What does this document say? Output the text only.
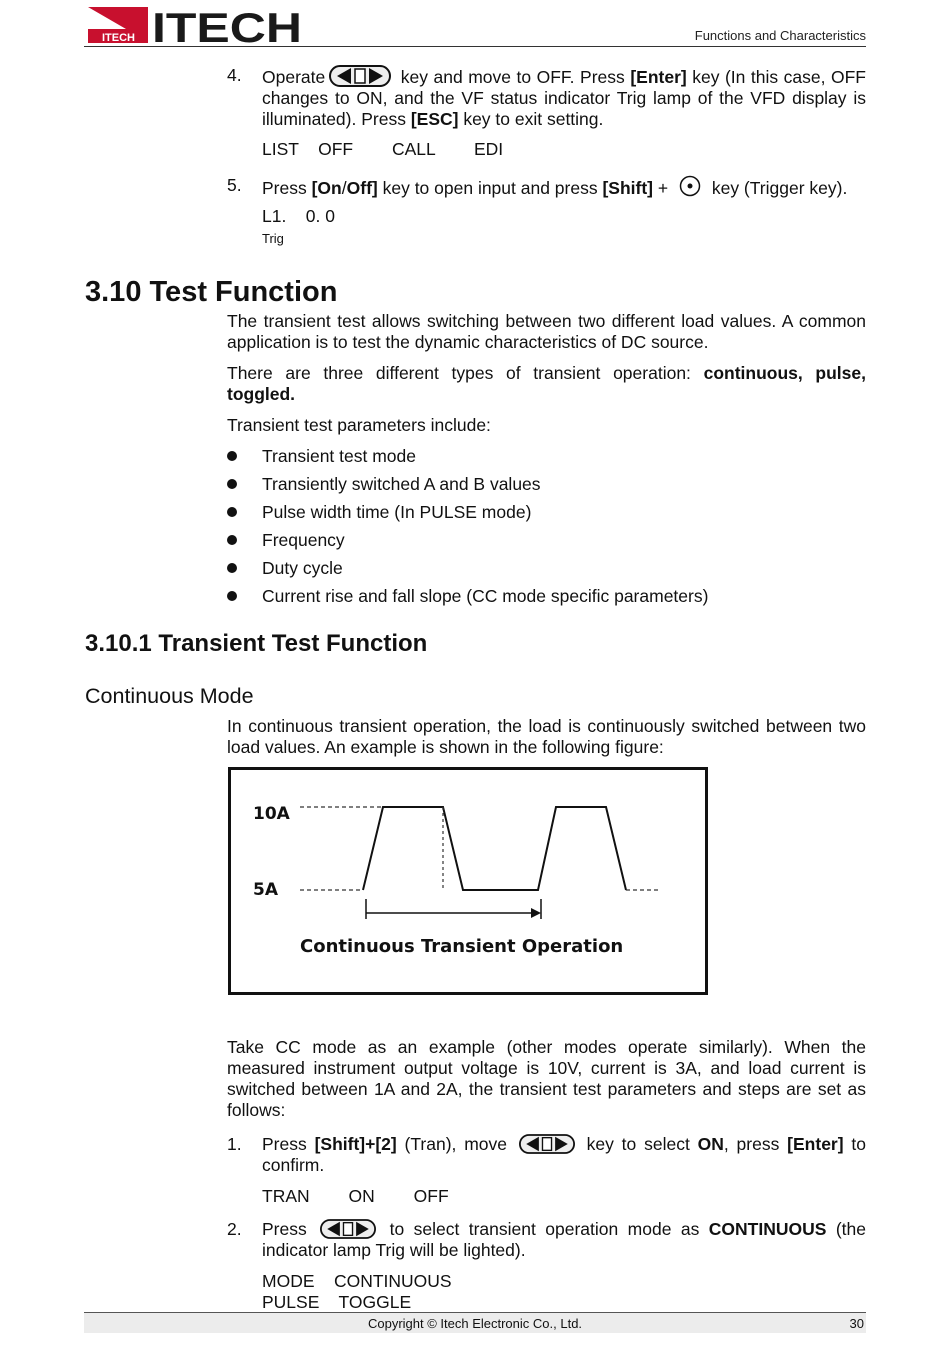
ITECH ITECH	Functions and Characteristics
4. Operate	key and move to OFF. Press [Enter] key (In this case, OFF changes to ON, and the VF status indicator Trig lamp of the VFD display is illuminated). Press [ESC] key to exit setting.
LIST    OFF        CALL        EDI
5. Press [On/Off] key to open input and press [Shift] +  key (Trigger key).
L1.    0. 0
Trig
3.10 Test Function
The transient test allows switching between two different load values. A common application is to test the dynamic characteristics of DC source.
There are three different types of transient operation: continuous, pulse, toggled.
Transient test parameters include:
Transient test mode
Transiently switched A and B values
Pulse width time (In PULSE mode)
Frequency
Duty cycle
Current rise and fall slope (CC mode specific parameters)
3.10.1 Transient Test Function
Continuous Mode
In continuous transient operation, the load is continuously switched between two load values. An example is shown in the following figure:
10A
5A
Continuous Transient Operation
Take CC mode as an example (other modes operate similarly). When the measured instrument output voltage is 10V, current is 3A, and load current is switched between 1A and 2A, the transient test parameters and steps are set as follows:
1. Press [Shift]+[2] (Tran), move	key to select ON, press [Enter] to confirm.
TRAN        ON        OFF
2. Press	to select transient operation mode as CONTINUOUS (the indicator lamp Trig will be lighted).
MODE    CONTINUOUS
PULSE    TOGGLE
Copyright © Itech Electronic Co., Ltd.	30
